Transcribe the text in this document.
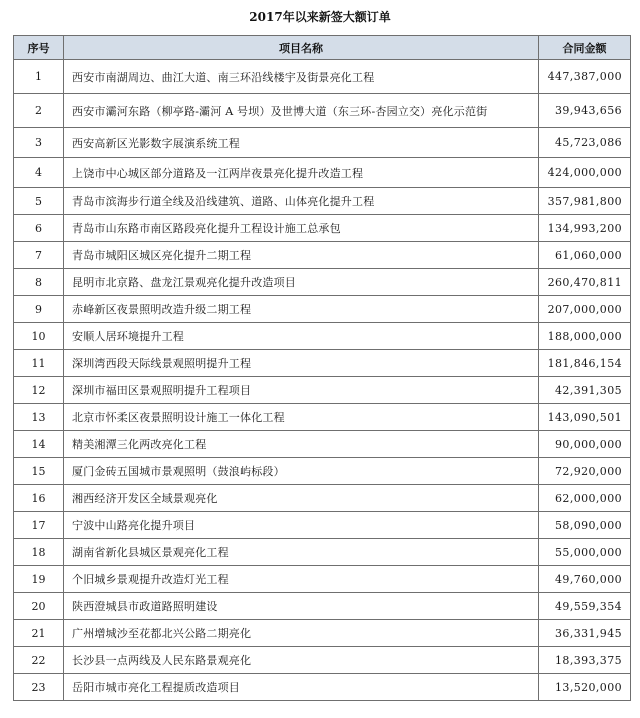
2017年以来新签大额订单
序号	项目名称	合同金额
1	西安市南湖周边、曲江大道、南三环沿线楼宇及街景亮化工程	447,387,000
2	西安市灞河东路（柳亭路-灞河 A 号坝）及世博大道（东三环-杏园立交）亮化示范街	39,943,656
3	西安高新区光影数字展演系统工程	45,723,086
4	上饶市中心城区部分道路及一江两岸夜景亮化提升改造工程	424,000,000
5	青岛市滨海步行道全线及沿线建筑、道路、山体亮化提升工程	357,981,800
6	青岛市山东路市南区路段亮化提升工程设计施工总承包	134,993,200
7	青岛市城阳区城区亮化提升二期工程	61,060,000
8	昆明市北京路、盘龙江景观亮化提升改造项目	260,470,811
9	赤峰新区夜景照明改造升级二期工程	207,000,000
10	安顺人居环境提升工程	188,000,000
11	深圳湾西段天际线景观照明提升工程	181,846,154
12	深圳市福田区景观照明提升工程项目	42,391,305
13	北京市怀柔区夜景照明设计施工一体化工程	143,090,501
14	精美湘潭三化两改亮化工程	90,000,000
15	厦门金砖五国城市景观照明（鼓浪屿标段）	72,920,000
16	湘西经济开发区全域景观亮化	62,000,000
17	宁波中山路亮化提升项目	58,090,000
18	湖南省新化县城区景观亮化工程	55,000,000
19	个旧城乡景观提升改造灯光工程	49,760,000
20	陕西澄城县市政道路照明建设	49,559,354
21	广州增城沙至花都北兴公路二期亮化	36,331,945
22	长沙县一点两线及人民东路景观亮化	18,393,375
23	岳阳市城市亮化工程提质改造项目	13,520,000
